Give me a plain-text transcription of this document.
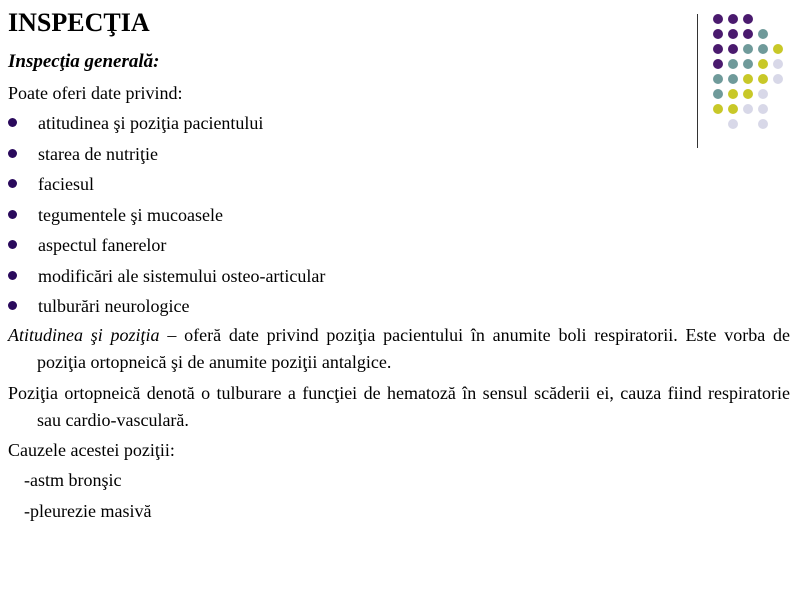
INSPECŢIA
Inspecţia generală:
Poate oferi date privind:
atitudinea şi poziţia pacientului
starea de nutriţie
faciesul
tegumentele şi mucoasele
aspectul fanerelor
modificări ale sistemului osteo-articular
tulburări neurologice
Atitudinea şi poziţia – oferă date privind poziţia pacientului în anumite boli respiratorii. Este vorba de poziţia ortopneică şi de anumite poziţii antalgice.
Poziţia ortopneică denotă o tulburare a funcţiei de hematoză în sensul scăderii ei, cauza fiind respiratorie sau cardio-vasculară.
Cauzele acestei poziţii:
-astm bronşic
-pleurezie masivă
